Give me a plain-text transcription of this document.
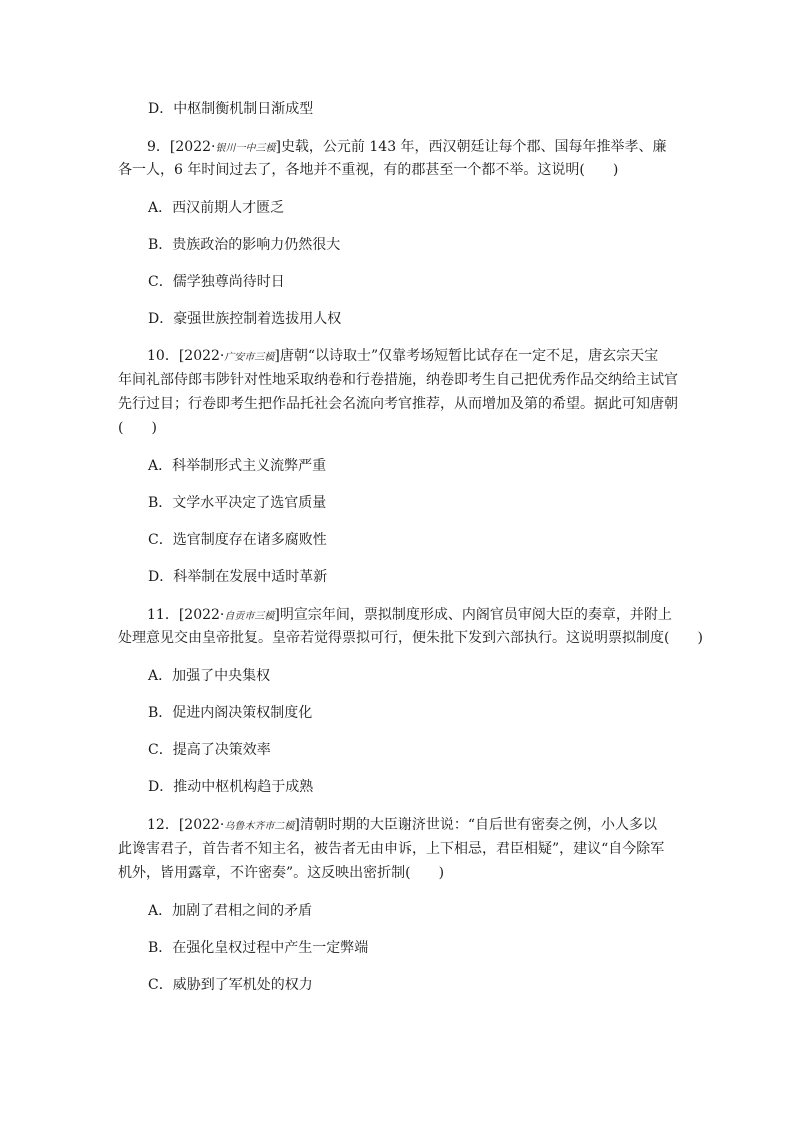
D．中枢制衡机制日渐成型
9．[2022·银川一中三模]史载，公元前 143 年，西汉朝廷让每个郡、国每年推举孝、廉
各一人，6 年时间过去了，各地并不重视，有的郡甚至一个都不举。这说明(　　)
A．西汉前期人才匮乏
B．贵族政治的影响力仍然很大
C．儒学独尊尚待时日
D．豪强世族控制着选拔用人权
10．[2022·广安市三模]唐朝“以诗取士”仅靠考场短暂比试存在一定不足，唐玄宗天宝
年间礼部侍郎韦陟针对性地采取纳卷和行卷措施，纳卷即考生自己把优秀作品交纳给主试官
先行过目；行卷即考生把作品托社会名流向考官推荐，从而增加及第的希望。据此可知唐朝
(　　)
A．科举制形式主义流弊严重
B．文学水平决定了选官质量
C．选官制度存在诸多腐败性
D．科举制在发展中适时革新
11．[2022·自贡市三模]明宣宗年间，票拟制度形成、内阁官员审阅大臣的奏章，并附上
处理意见交由皇帝批复。皇帝若觉得票拟可行，便朱批下发到六部执行。这说明票拟制度(　　)
A．加强了中央集权
B．促进内阁决策权制度化
C．提高了决策效率
D．推动中枢机构趋于成熟
12．[2022·乌鲁木齐市二模]清朝时期的大臣谢济世说：“自后世有密奏之例，小人多以
此谗害君子，首告者不知主名，被告者无由申诉，上下相忌，君臣相疑”，建议“自今除军
机外，皆用露章，不许密奏”。这反映出密折制(　　)
A．加剧了君相之间的矛盾
B．在强化皇权过程中产生一定弊端
C．威胁到了军机处的权力
